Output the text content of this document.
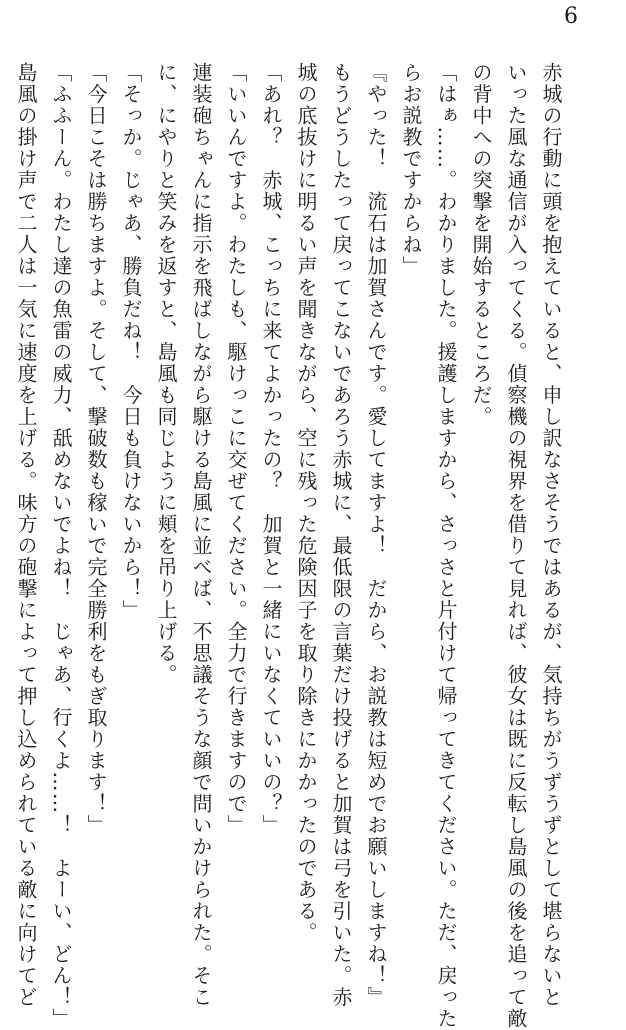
6
赤城の行動に頭を抱えていると、申し訳なさそうではあるが、気持ちがうずうずとして堪らないと
いった風な通信が入ってくる。偵察機の視界を借りて見れば、彼女は既に反転し島風の後を追って敵
の背中への突撃を開始するところだ。
「はぁ……。わかりました。援護しますから、さっさと片付けて帰ってきてください。ただ、戻った
らお説教ですからね」
『やった！　流石は加賀さんです。愛してますよ！　だから、お説教は短めでお願いしますね！』
もうどうしたって戻ってこないであろう赤城に、最低限の言葉だけ投げると加賀は弓を引いた。赤
城の底抜けに明るい声を聞きながら、空に残った危険因子を取り除きにかかったのである。
「あれ？　赤城、こっちに来てよかったの？　加賀と一緒にいなくていいの？」
「いいんですよ。わたしも、駆けっこに交ぜてください。全力で行きますので」
連装砲ちゃんに指示を飛ばしながら駆ける島風に並べば、不思議そうな顔で問いかけられた。そこ
に、にやりと笑みを返すと、島風も同じように頬を吊り上げる。
「そっか。じゃあ、勝負だね！　今日も負けないから！」
「今日こそは勝ちますよ。そして、撃破数も稼いで完全勝利をもぎ取ります！」
「ふふーん。わたし達の魚雷の威力、舐めないでよね！　じゃあ、行くよ……！　よーい、どん！」
島風の掛け声で二人は一気に速度を上げる。味方の砲撃によって押し込められている敵に向けてど
